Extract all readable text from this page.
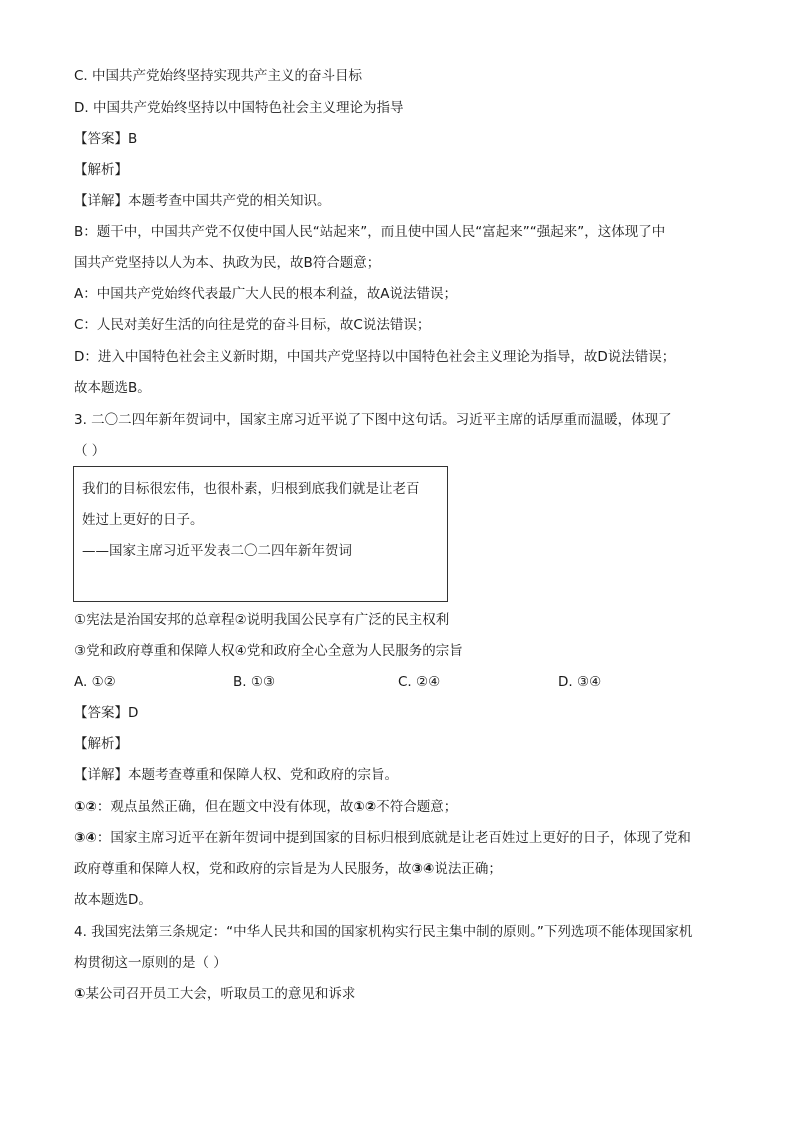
C. 中国共产党始终坚持实现共产主义的奋斗目标
D. 中国共产党始终坚持以中国特色社会主义理论为指导
【答案】B
【解析】
【详解】本题考查中国共产党的相关知识。
B：题干中，中国共产党不仅使中国人民“站起来”，而且使中国人民“富起来”“强起来”，这体现了中
国共产党坚持以人为本、执政为民，故B符合题意；
A：中国共产党始终代表最广大人民的根本利益，故A说法错误；
C：人民对美好生活的向往是党的奋斗目标，故C说法错误；
D：进入中国特色社会主义新时期，中国共产党坚持以中国特色社会主义理论为指导，故D说法错误；
故本题选B。
3. 二〇二四年新年贺词中，国家主席习近平说了下图中这句话。习近平主席的话厚重而温暖，体现了
（ ）
我们的目标很宏伟，也很朴素，归根到底我们就是让老百
姓过上更好的日子。
——国家主席习近平发表二〇二四年新年贺词
①宪法是治国安邦的总章程②说明我国公民享有广泛的民主权利
③党和政府尊重和保障人权④党和政府全心全意为人民服务的宗旨
A. ①②	B. ①③	C. ②④	D. ③④
【答案】D
【解析】
【详解】本题考查尊重和保障人权、党和政府的宗旨。
①②：观点虽然正确，但在题文中没有体现，故①②不符合题意；
③④：国家主席习近平在新年贺词中提到国家的目标归根到底就是让老百姓过上更好的日子，体现了党和
政府尊重和保障人权，党和政府的宗旨是为人民服务，故③④说法正确；
故本题选D。
4. 我国宪法第三条规定：“中华人民共和国的国家机构实行民主集中制的原则。”下列选项不能体现国家机
构贯彻这一原则的是（ ）
①某公司召开员工大会，听取员工的意见和诉求
